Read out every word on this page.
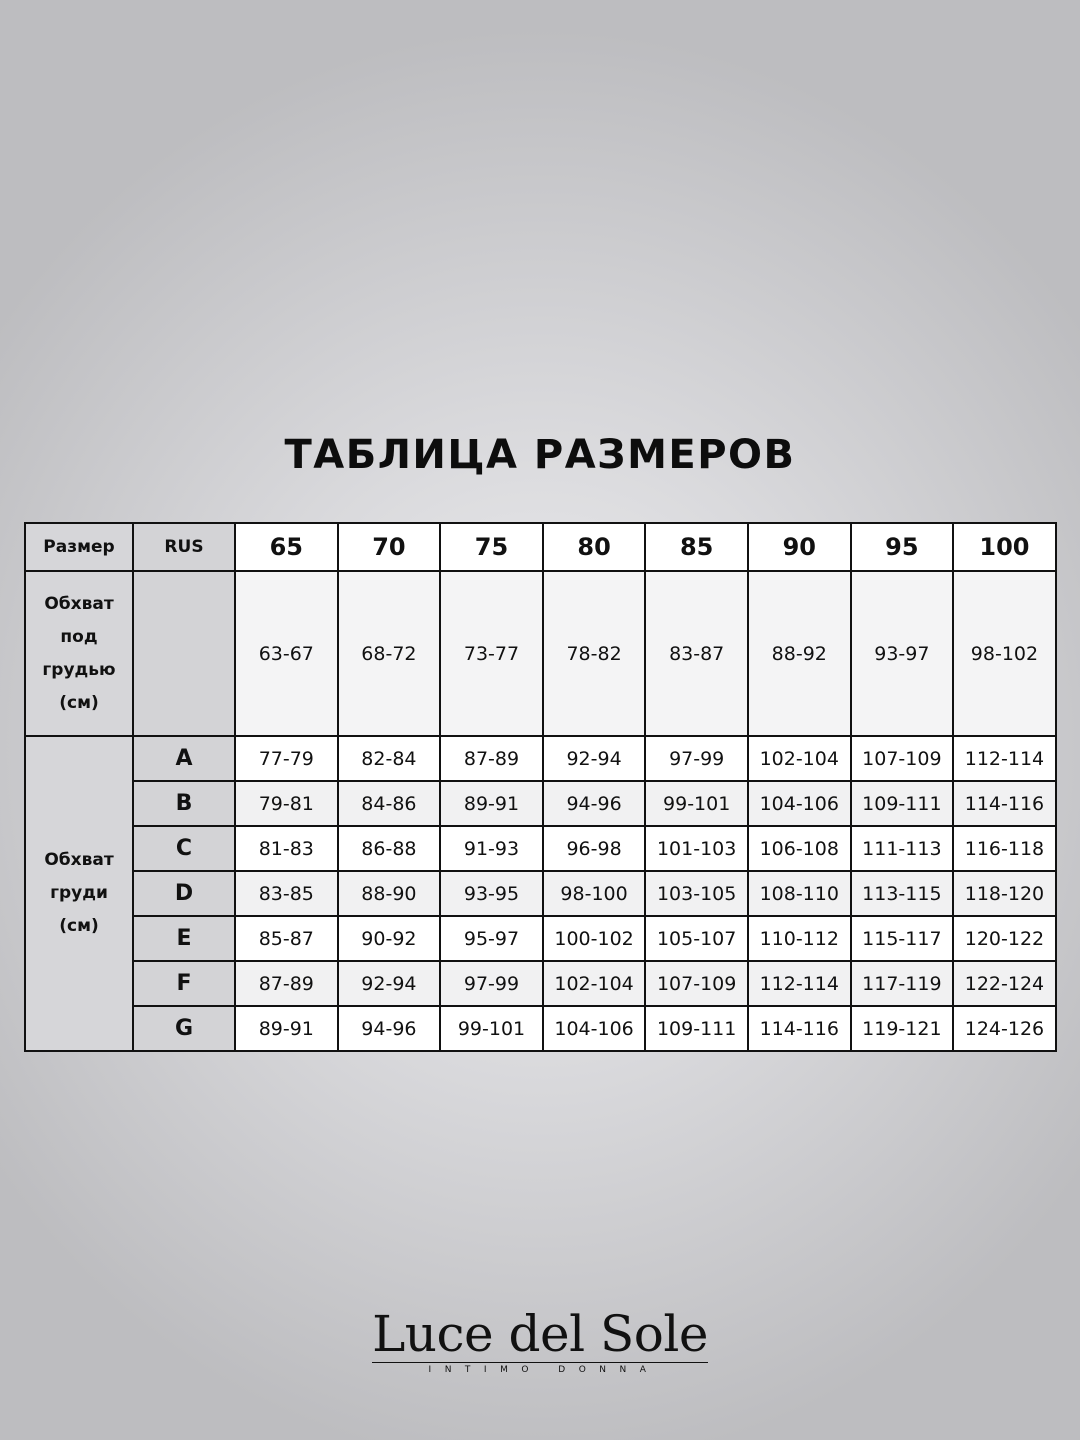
ТАБЛИЦА РАЗМЕРОВ
Размер	RUS	65	70	75	80	85	90	95	100

Обхват
под
грудью
(см)		63-67	68-72	73-77	78-82	83-87	88-92	93-97	98-102

Обхват
груди
(см)	A	77-79	82-84	87-89	92-94	97-99	102-104	107-109	112-114
	B	79-81	84-86	89-91	94-96	99-101	104-106	109-111	114-116
	C	81-83	86-88	91-93	96-98	101-103	106-108	111-113	116-118
	D	83-85	88-90	93-95	98-100	103-105	108-110	113-115	118-120
	E	85-87	90-92	95-97	100-102	105-107	110-112	115-117	120-122
	F	87-89	92-94	97-99	102-104	107-109	112-114	117-119	122-124
	G	89-91	94-96	99-101	104-106	109-111	114-116	119-121	124-126
Luce del Sole
INTIMO DONNA
